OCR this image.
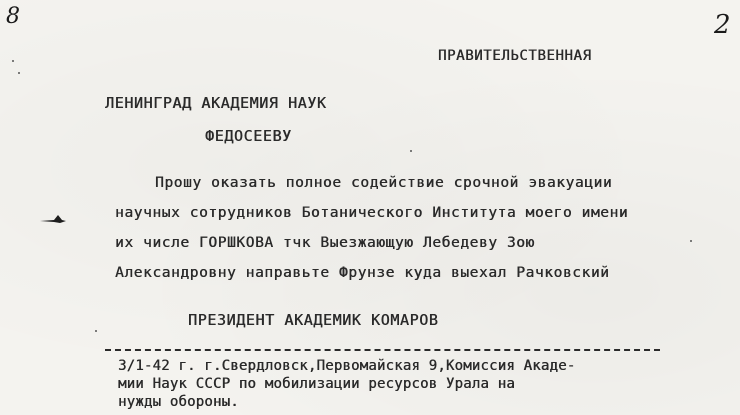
8	2
ПРАВИТЕЛЬСТВЕННАЯ
ЛЕНИНГРАД АКАДЕМИЯ НАУК
ФЕДОСЕЕВУ
Прошу оказать полное содействие срочной эвакуации
научных сотрудников Ботанического Института моего имени
их числе ГОРШКОВА тчк Выезжающую Лебедеву Зою
Александровну направьте Фрунзе куда выехал Рачковский
ПРЕЗИДЕНТ АКАДЕМИК КОМАРОВ
3/1-42 г. г.Свердловск,Первомайская 9,Комиссия Акаде-
мии Наук СССР по мобилизации ресурсов Урала на
нужды обороны.
